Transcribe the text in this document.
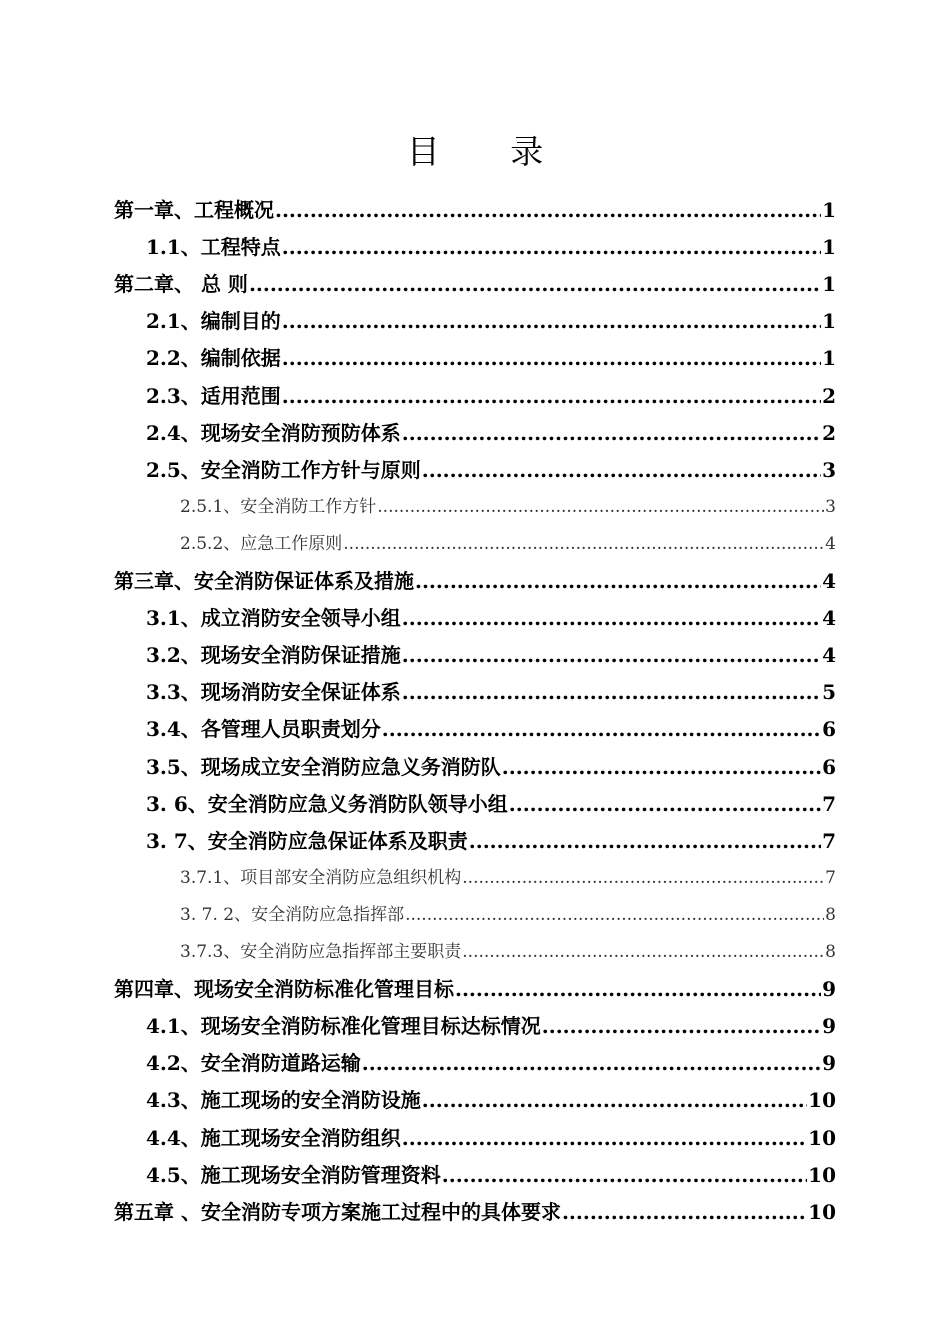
目 录
第一章、工程概况 .....	1
1.1、工程特点 .....	1
第二章、 总 则 .....	1
2.1、编制目的 .....	1
2.2、编制依据 .....	1
2.3、适用范围 .....	2
2.4、现场安全消防预防体系 .....	2
2.5、安全消防工作方针与原则 .....	3
2.5.1、安全消防工作方针 .....	3
2.5.2、应急工作原则 .....	4
第三章、安全消防保证体系及措施 .....	4
3.1、成立消防安全领导小组 .....	4
3.2、现场安全消防保证措施 .....	4
3.3、现场消防安全保证体系 .....	5
3.4、各管理人员职责划分 .....	6
3.5、现场成立安全消防应急义务消防队 .....	6
3. 6、安全消防应急义务消防队领导小组 .....	7
3. 7、安全消防应急保证体系及职责 .....	7
3.7.1、项目部安全消防应急组织机构 .....	7
3. 7. 2、安全消防应急指挥部 .....	8
3.7.3、安全消防应急指挥部主要职责 .....	8
第四章、现场安全消防标准化管理目标 .....	9
4.1、现场安全消防标准化管理目标达标情况 .....	9
4.2、安全消防道路运输 .....	9
4.3、施工现场的安全消防设施 .....	10
4.4、施工现场安全消防组织 .....	10
4.5、施工现场安全消防管理资料 .....	10
第五章 、安全消防专项方案施工过程中的具体要求 .....	10
